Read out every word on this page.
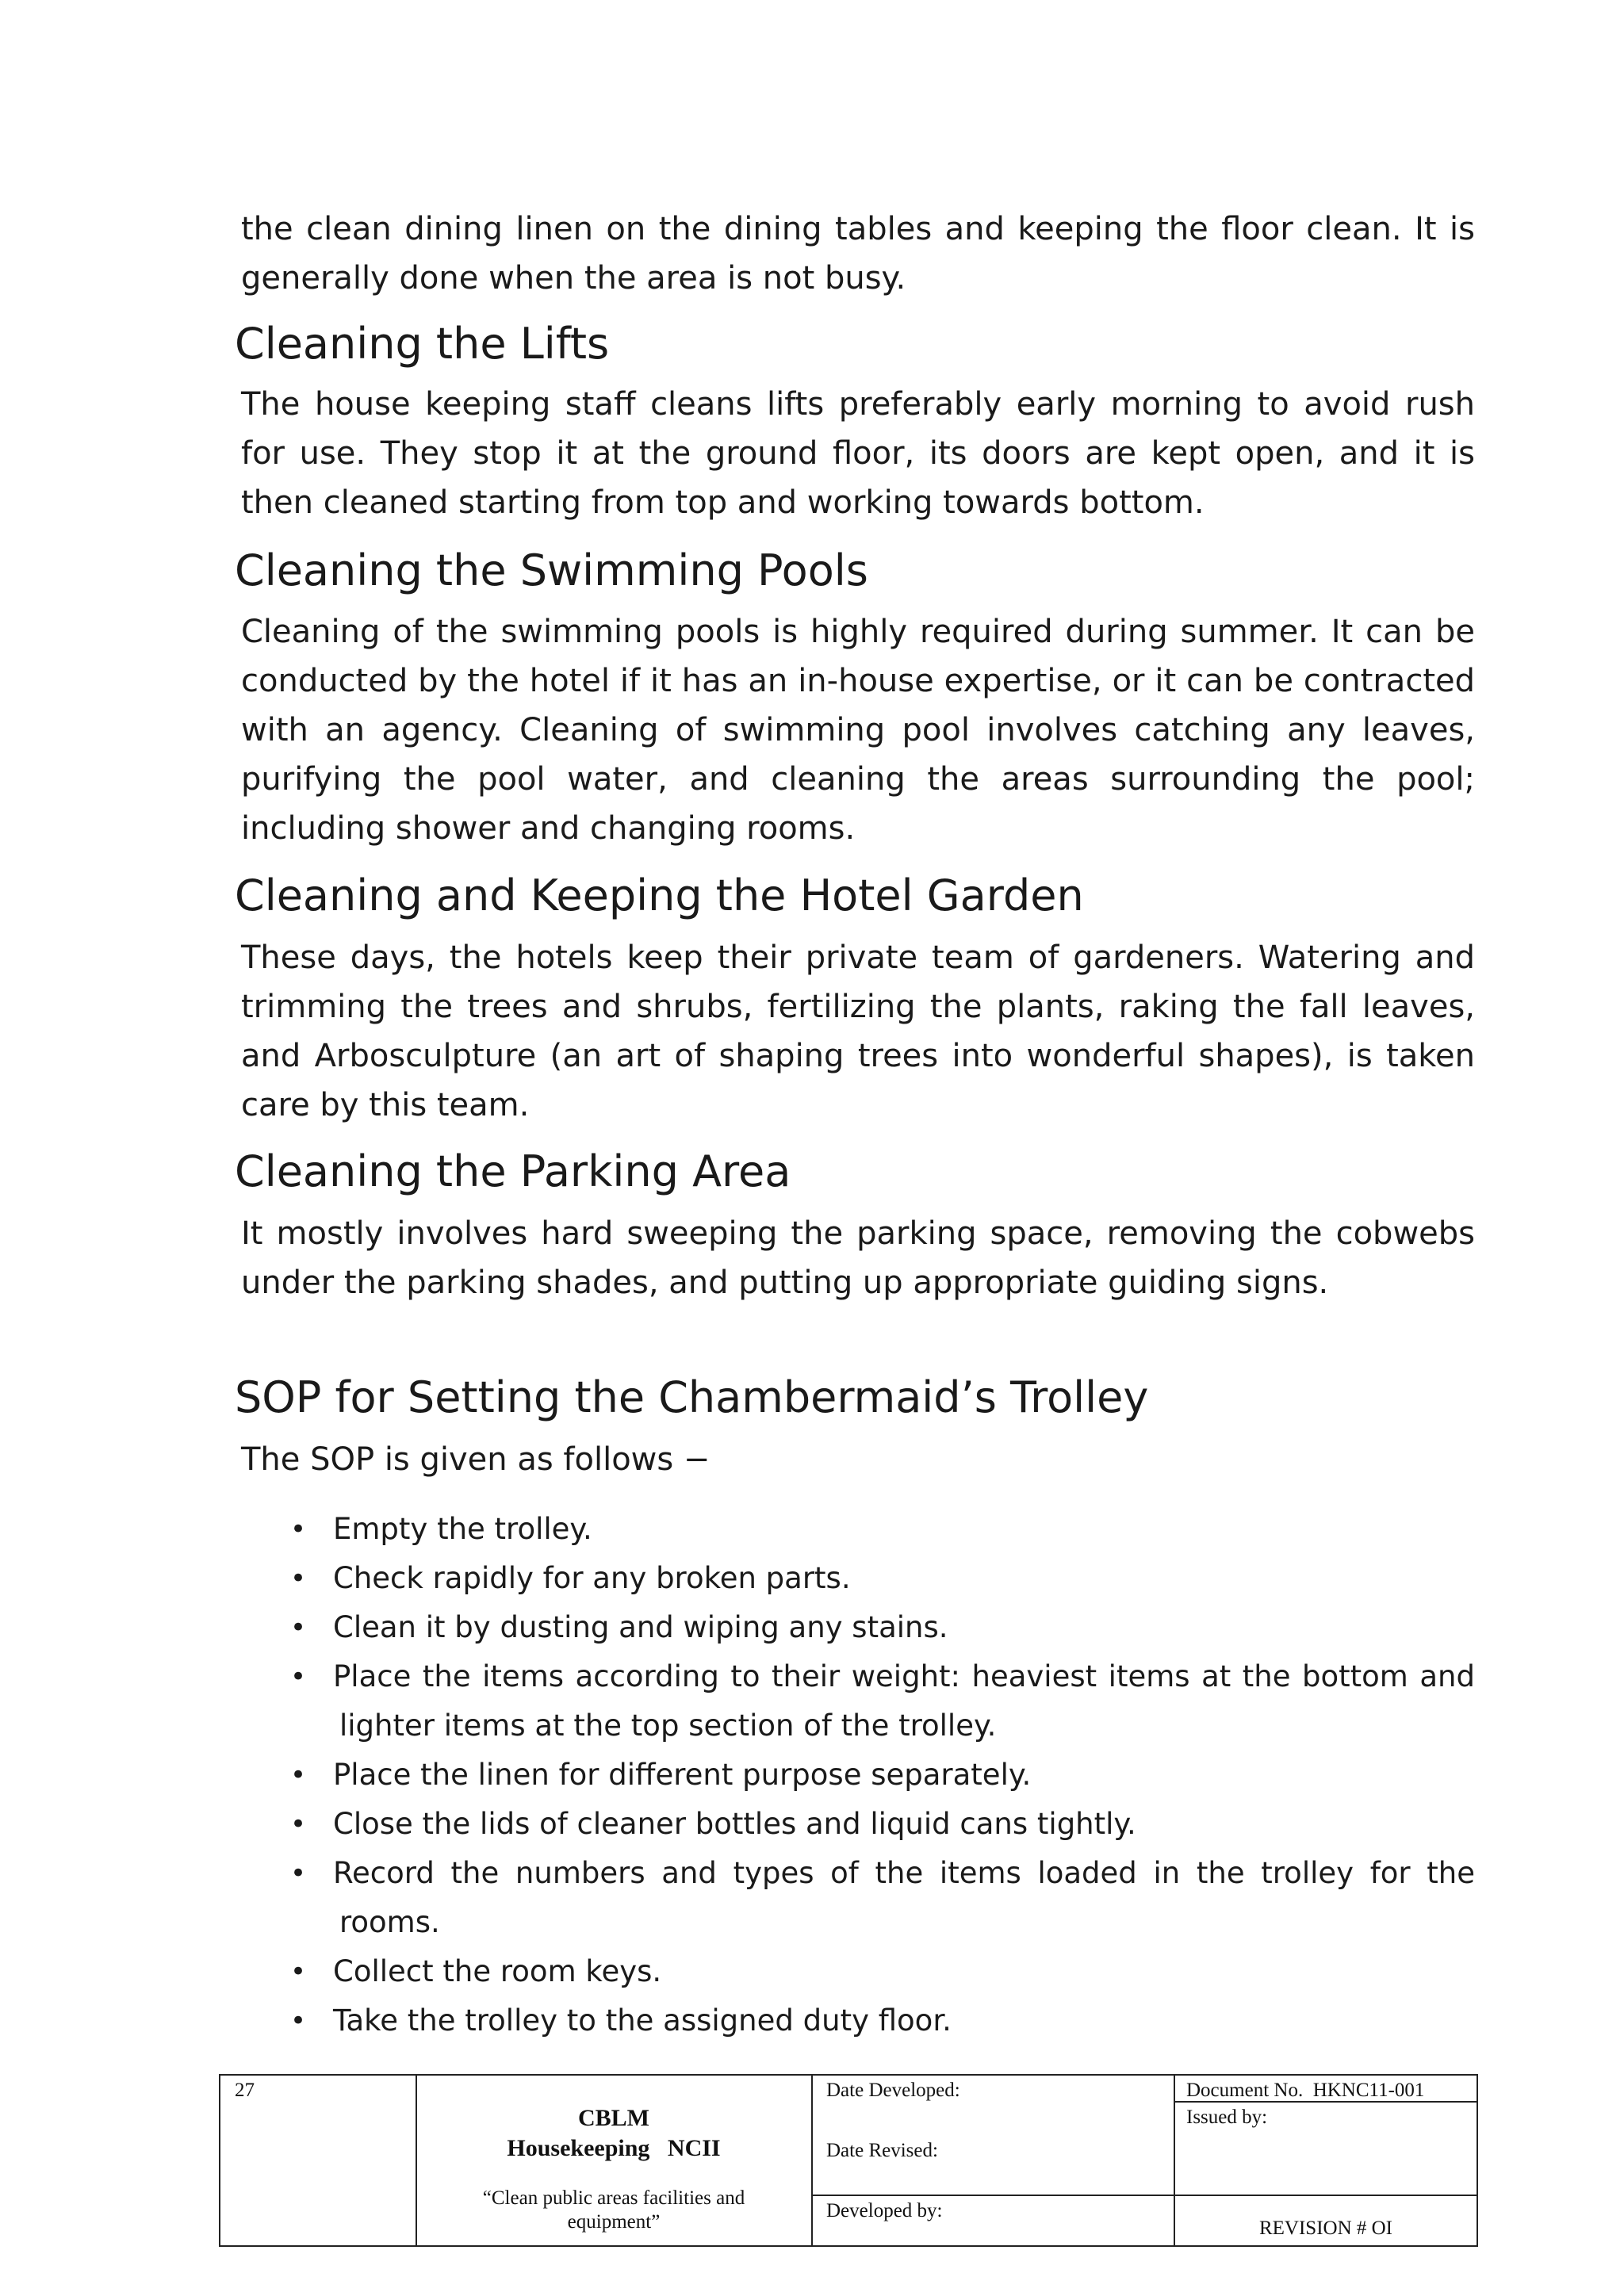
the clean dining linen on the dining tables and keeping the floor clean. It is generally done when the area is not busy.

Cleaning the Lifts

The house keeping staff cleans lifts preferably early morning to avoid rush for use. They stop it at the ground floor, its doors are kept open, and it is then cleaned starting from top and working towards bottom.

Cleaning the Swimming Pools

Cleaning of the swimming pools is highly required during summer. It can be conducted by the hotel if it has an in-house expertise, or it can be contracted with an agency. Cleaning of swimming pool involves catching any leaves, purifying the pool water, and cleaning the areas surrounding the pool; including shower and changing rooms.

Cleaning and Keeping the Hotel Garden

These days, the hotels keep their private team of gardeners. Watering and trimming the trees and shrubs, fertilizing the plants, raking the fall leaves, and Arbosculpture (an art of shaping trees into wonderful shapes), is taken care by this team.

Cleaning the Parking Area

It mostly involves hard sweeping the parking space, removing the cobwebs under the parking shades, and putting up appropriate guiding signs.

SOP for Setting the Chambermaid’s Trolley

The SOP is given as follows −

• Empty the trolley.
• Check rapidly for any broken parts.
• Clean it by dusting and wiping any stains.
• Place the items according to their weight: heaviest items at the bottom and
lighter items at the top section of the trolley.
• Place the linen for different purpose separately.
• Close the lids of cleaner bottles and liquid cans tightly.
• Record the numbers and types of the items loaded in the trolley for the
rooms.
• Collect the room keys.
• Take the trolley to the assigned duty floor.
27
CBLM
Housekeeping   NCII
“Clean public areas facilities and
equipment”
Date Developed:
Date Revised:
Developed by:
Document No.  HKNC11-001
Issued by:
REVISION # OI
